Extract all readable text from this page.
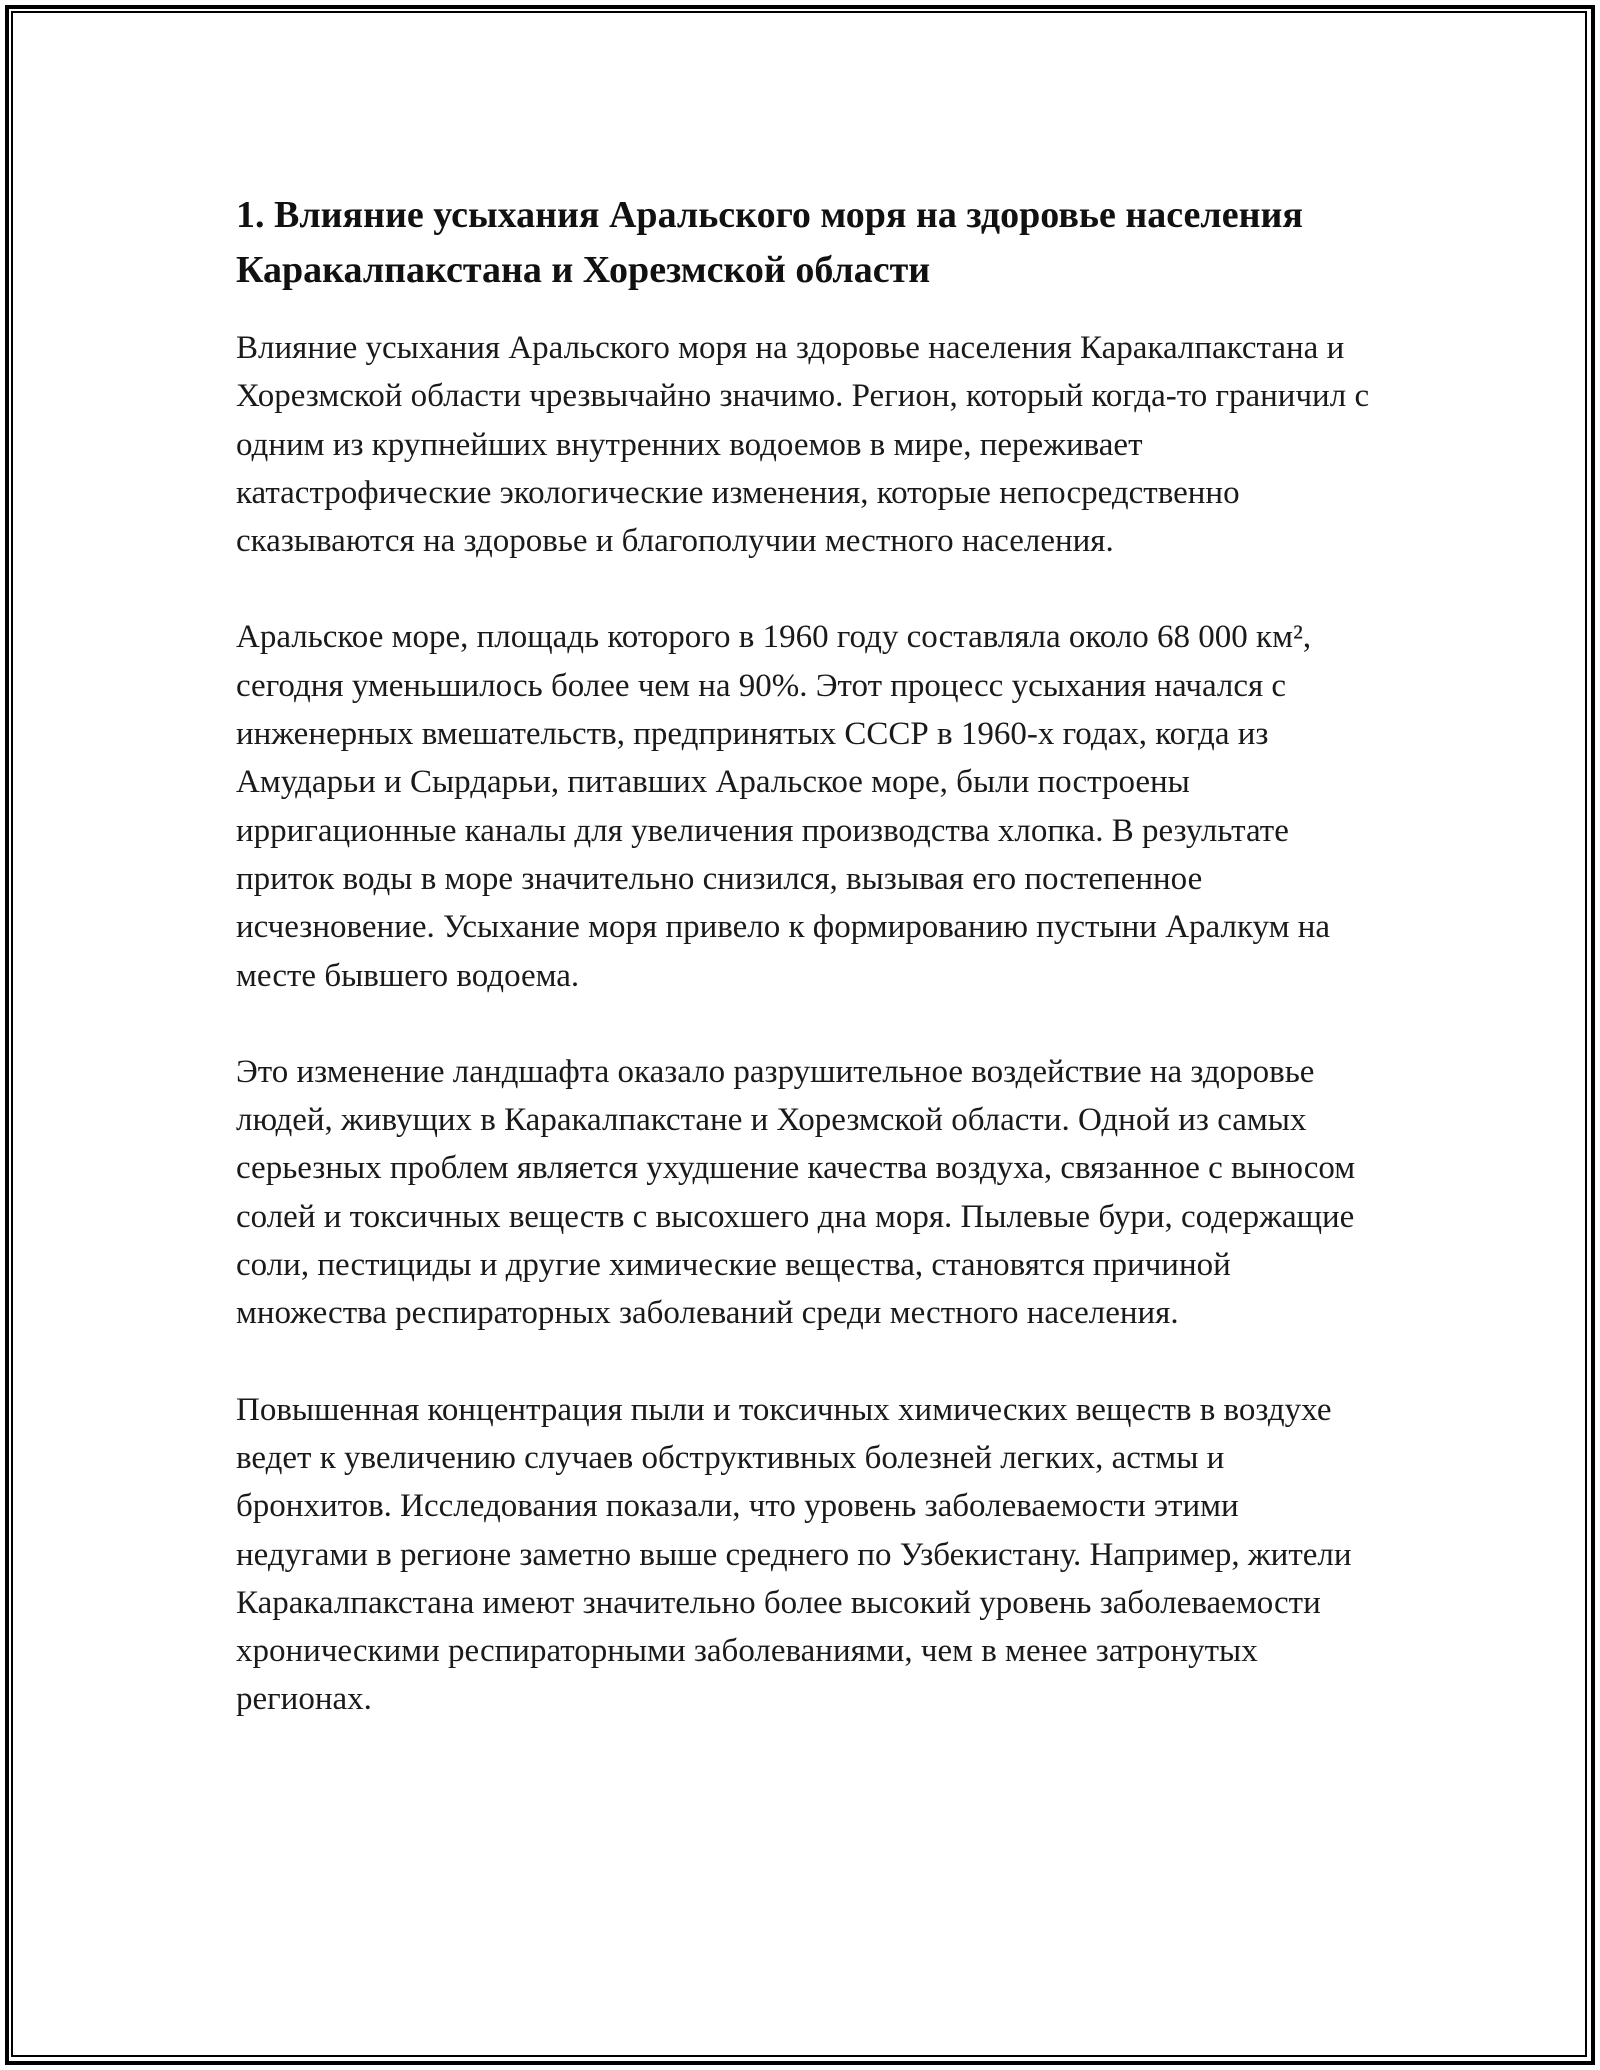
1. Влияние усыхания Аральского моря на здоровье населения Каракалпакстана и Хорезмской области

Влияние усыхания Аральского моря на здоровье населения Каракалпакстана и Хорезмской области чрезвычайно значимо. Регион, который когда-то граничил с одним из крупнейших внутренних водоемов в мире, переживает катастрофические экологические изменения, которые непосредственно сказываются на здоровье и благополучии местного населения.

Аральское море, площадь которого в 1960 году составляла около 68 000 км², сегодня уменьшилось более чем на 90%. Этот процесс усыхания начался с инженерных вмешательств, предпринятых СССР в 1960-х годах, когда из Амударьи и Сырдарьи, питавших Аральское море, были построены ирригационные каналы для увеличения производства хлопка. В результате приток воды в море значительно снизился, вызывая его постепенное исчезновение. Усыхание моря привело к формированию пустыни Аралкум на месте бывшего водоема.

Это изменение ландшафта оказало разрушительное воздействие на здоровье людей, живущих в Каракалпакстане и Хорезмской области. Одной из самых серьезных проблем является ухудшение качества воздуха, связанное с выносом солей и токсичных веществ с высохшего дна моря. Пылевые бури, содержащие соли, пестициды и другие химические вещества, становятся причиной множества респираторных заболеваний среди местного населения.

Повышенная концентрация пыли и токсичных химических веществ в воздухе ведет к увеличению случаев обструктивных болезней легких, астмы и бронхитов. Исследования показали, что уровень заболеваемости этими недугами в регионе заметно выше среднего по Узбекистану. Например, жители Каракалпакстана имеют значительно более высокий уровень заболеваемости хроническими респираторными заболеваниями, чем в менее затронутых регионах.
